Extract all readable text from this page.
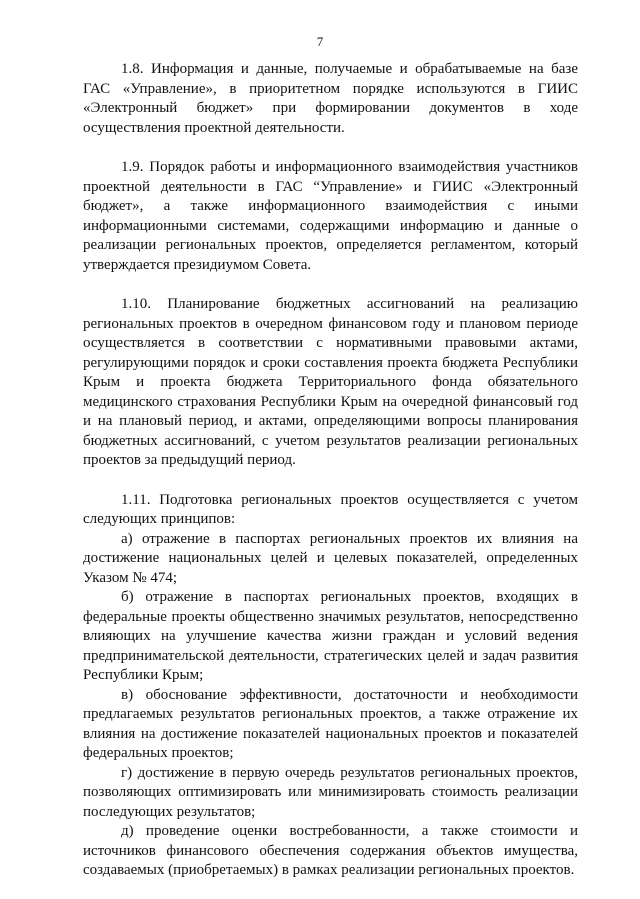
7

1.8. Информация и данные, получаемые и обрабатываемые на базе ГАС «Управление», в приоритетном порядке используются в ГИИС «Электронный бюджет» при формировании документов в ходе осуществления проектной деятельности.

1.9. Порядок работы и информационного взаимодействия участников проектной деятельности в ГАС “Управление» и ГИИС «Электронный бюджет», а также информационного взаимодействия с иными информационными системами, содержащими информацию и данные о реализации региональных проектов, определяется регламентом, который утверждается президиумом Совета.

1.10. Планирование бюджетных ассигнований на реализацию региональных проектов в очередном финансовом году и плановом периоде осуществляется в соответствии с нормативными правовыми актами, регулирующими порядок и сроки составления проекта бюджета Республики Крым и проекта бюджета Территориального фонда обязательного медицинского страхования Республики Крым на очередной финансовый год и на плановый период, и актами, определяющими вопросы планирования бюджетных ассигнований, с учетом результатов реализации региональных проектов за предыдущий период.

1.11. Подготовка региональных проектов осуществляется с учетом следующих принципов:

а) отражение в паспортах региональных проектов их влияния на достижение национальных целей и целевых показателей, определенных Указом № 474;

б) отражение в паспортах региональных проектов, входящих в федеральные проекты общественно значимых результатов, непосредственно влияющих на улучшение качества жизни граждан и условий ведения предпринимательской деятельности, стратегических целей и задач развития Республики Крым;

в) обоснование эффективности, достаточности и необходимости предлагаемых результатов региональных проектов, а также отражение их влияния на достижение показателей национальных проектов и показателей федеральных проектов;

г) достижение в первую очередь результатов региональных проектов, позволяющих оптимизировать или минимизировать стоимость реализации последующих результатов;

д) проведение оценки востребованности, а также стоимости и источников финансового обеспечения содержания объектов имущества, создаваемых (приобретаемых) в рамках реализации региональных проектов.
